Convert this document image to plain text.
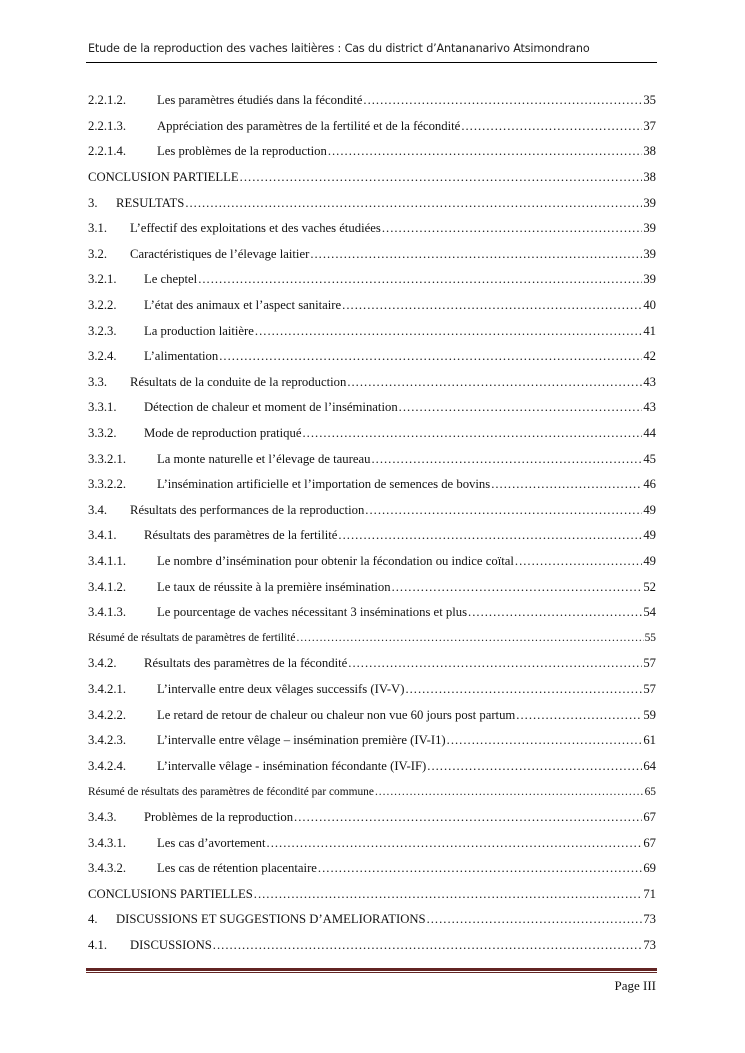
Etude de la reproduction des vaches laitières : Cas du district d’Antananarivo Atsimondrano
2.2.1.2.	Les paramètres étudiés dans la fécondité .....	35
2.2.1.3.	Appréciation des paramètres de la fertilité et de la fécondité .....	37
2.2.1.4.	Les problèmes de la reproduction .....	38
CONCLUSION PARTIELLE .....	38
3.	RESULTATS .....	39
3.1.	L’effectif des exploitations et des vaches étudiées .....	39
3.2.	Caractéristiques de l’élevage laitier .....	39
3.2.1.	Le cheptel .....	39
3.2.2.	L’état des animaux et l’aspect sanitaire .....	40
3.2.3.	La production laitière .....	41
3.2.4.	L’alimentation .....	42
3.3.	Résultats de la conduite de la reproduction .....	43
3.3.1.	Détection de chaleur et moment de l’insémination .....	43
3.3.2.	Mode de reproduction pratiqué .....	44
3.3.2.1.	La monte naturelle et l’élevage de taureau .....	45
3.3.2.2.	L’insémination artificielle et l’importation de semences de bovins .....	46
3.4.	Résultats des performances de la reproduction .....	49
3.4.1.	Résultats des paramètres de la fertilité .....	49
3.4.1.1.	Le nombre d’insémination pour obtenir la fécondation ou indice coïtal .....	49
3.4.1.2.	Le taux de réussite à la première insémination .....	52
3.4.1.3.	Le pourcentage de vaches nécessitant 3 inséminations et plus .....	54
Résumé de résultats de paramètres de fertilité .....	55
3.4.2.	Résultats des paramètres de la fécondité .....	57
3.4.2.1.	L’intervalle entre deux vêlages successifs (IV-V) .....	57
3.4.2.2.	Le retard de retour de chaleur ou chaleur non vue 60 jours post partum .....	59
3.4.2.3.	L’intervalle entre vêlage – insémination première (IV-I1) .....	61
3.4.2.4.	L’intervalle vêlage - insémination fécondante (IV-IF) .....	64
Résumé de résultats des paramètres de fécondité par commune .....	65
3.4.3.	Problèmes de la reproduction .....	67
3.4.3.1.	Les cas d’avortement .....	67
3.4.3.2.	Les cas de rétention placentaire .....	69
CONCLUSIONS PARTIELLES .....	71
4.	DISCUSSIONS ET SUGGESTIONS D’AMELIORATIONS .....	73
4.1.	DISCUSSIONS .....	73
Page III
